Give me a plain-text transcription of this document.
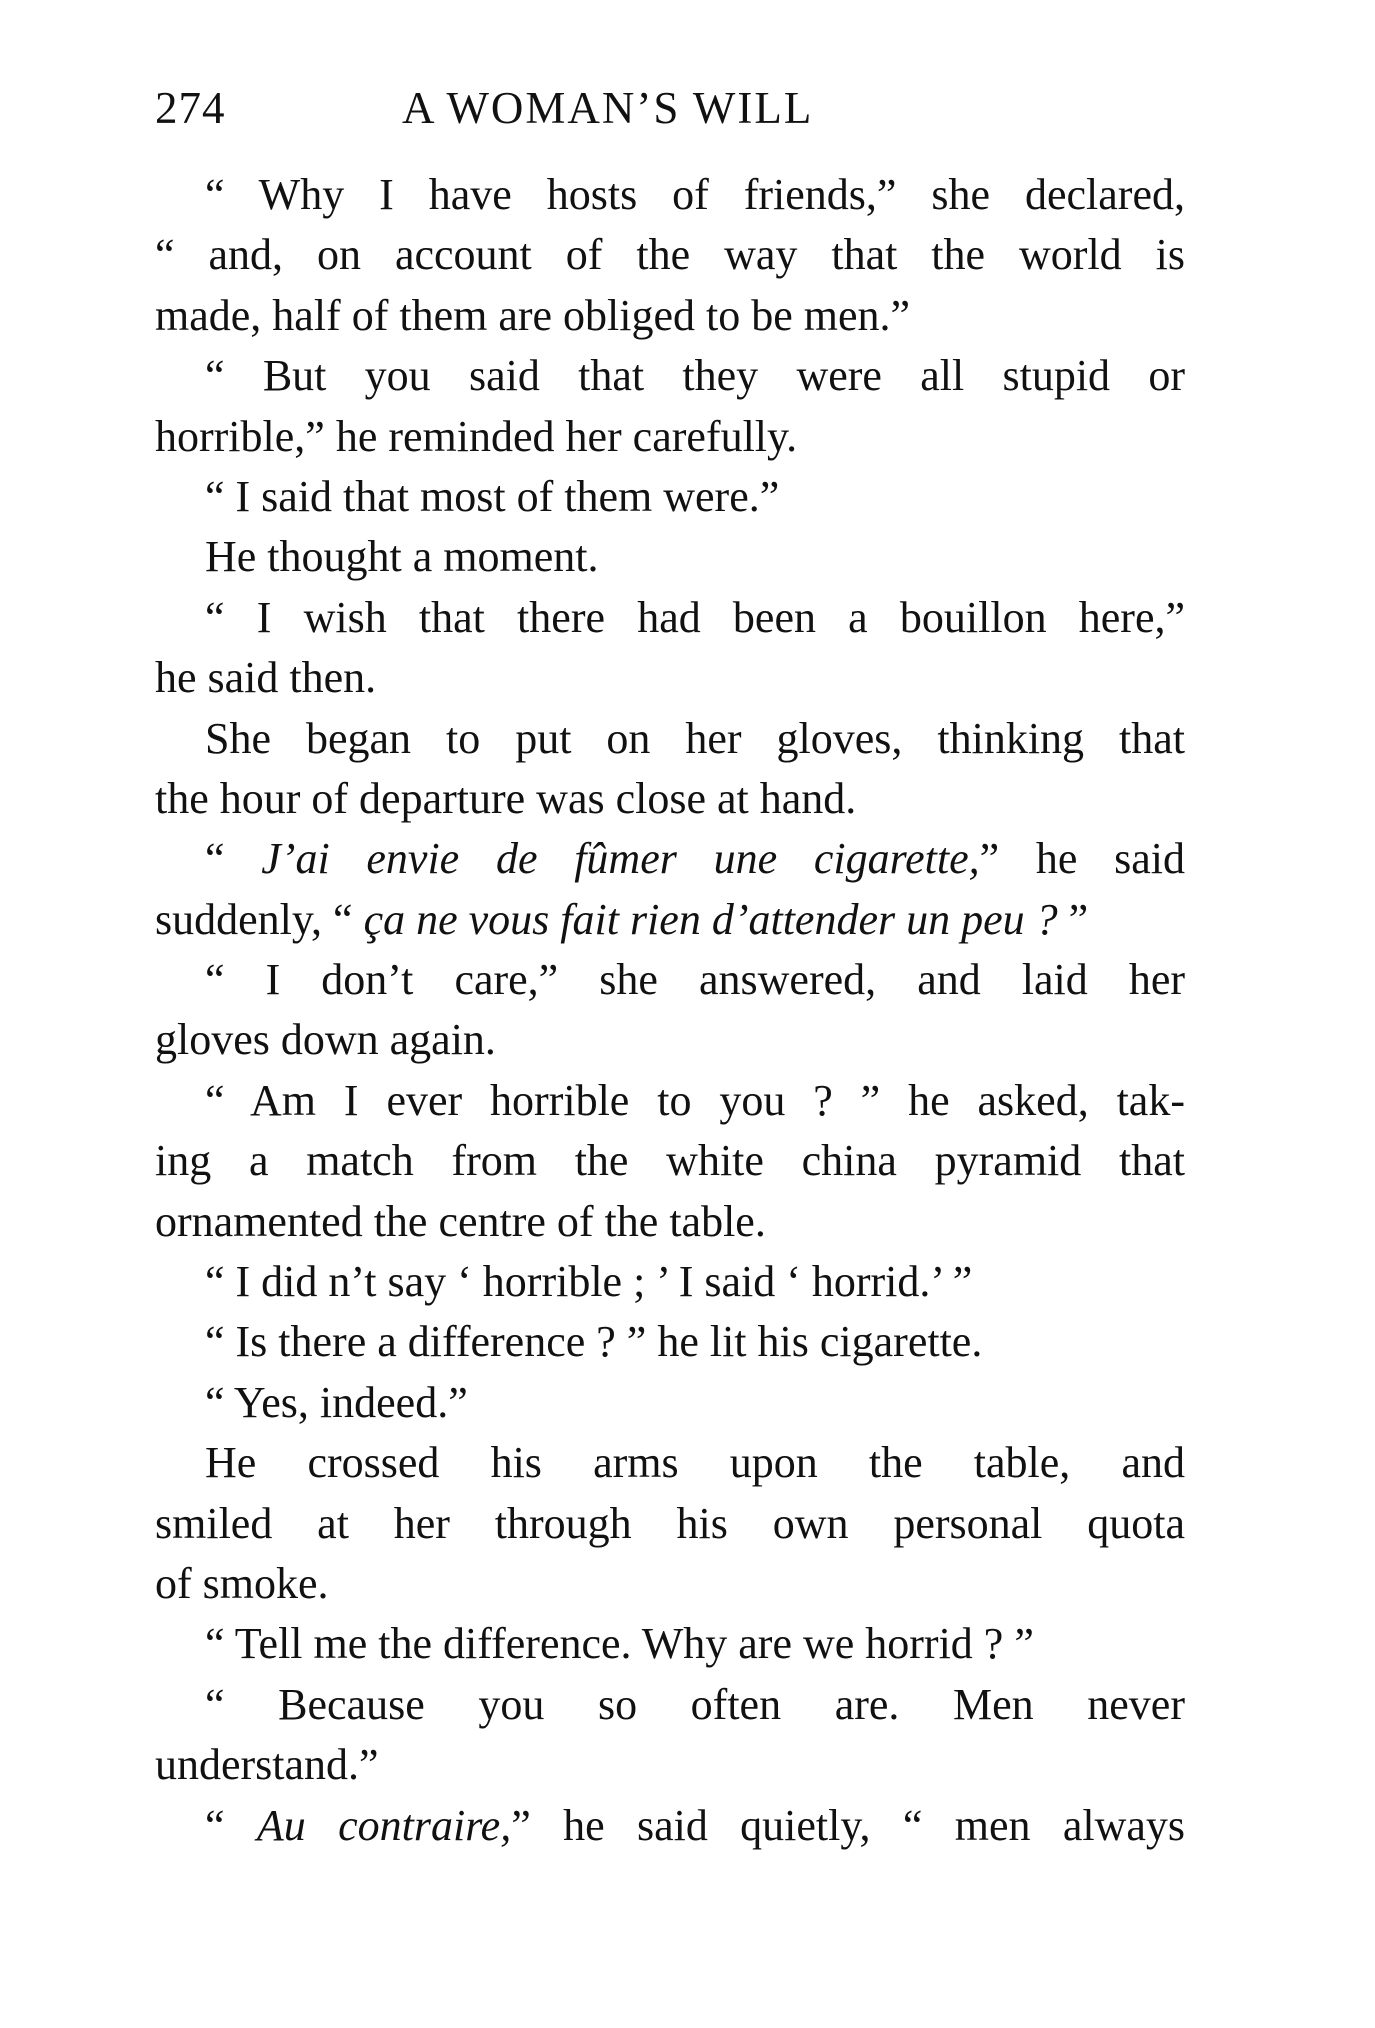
274	A WOMAN’S WILL
“ Why I have hosts of friends,” she declared,
“ and, on account of the way that the world is
made, half of them are obliged to be men.”
“ But you said that they were all stupid or
horrible,” he reminded her carefully.
“ I said that most of them were.”
He thought a moment.
“ I wish that there had been a bouillon here,”
he said then.
She began to put on her gloves, thinking that
the hour of departure was close at hand.
“ J’ai envie de fûmer une cigarette,” he said
suddenly, “ ça ne vous fait rien d’attender un peu ? ”
“ I don’t care,” she answered, and laid her
gloves down again.
“ Am I ever horrible to you ? ” he asked, tak-
ing a match from the white china pyramid that
ornamented the centre of the table.
“ I did n’t say ‘ horrible ; ’ I said ‘ horrid.’ ”
“ Is there a difference ? ” he lit his cigarette.
“ Yes, indeed.”
He crossed his arms upon the table, and
smiled at her through his own personal quota
of smoke.
“ Tell me the difference. Why are we horrid ? ”
“ Because you so often are. Men never
understand.”
“ Au contraire,” he said quietly, “ men always
